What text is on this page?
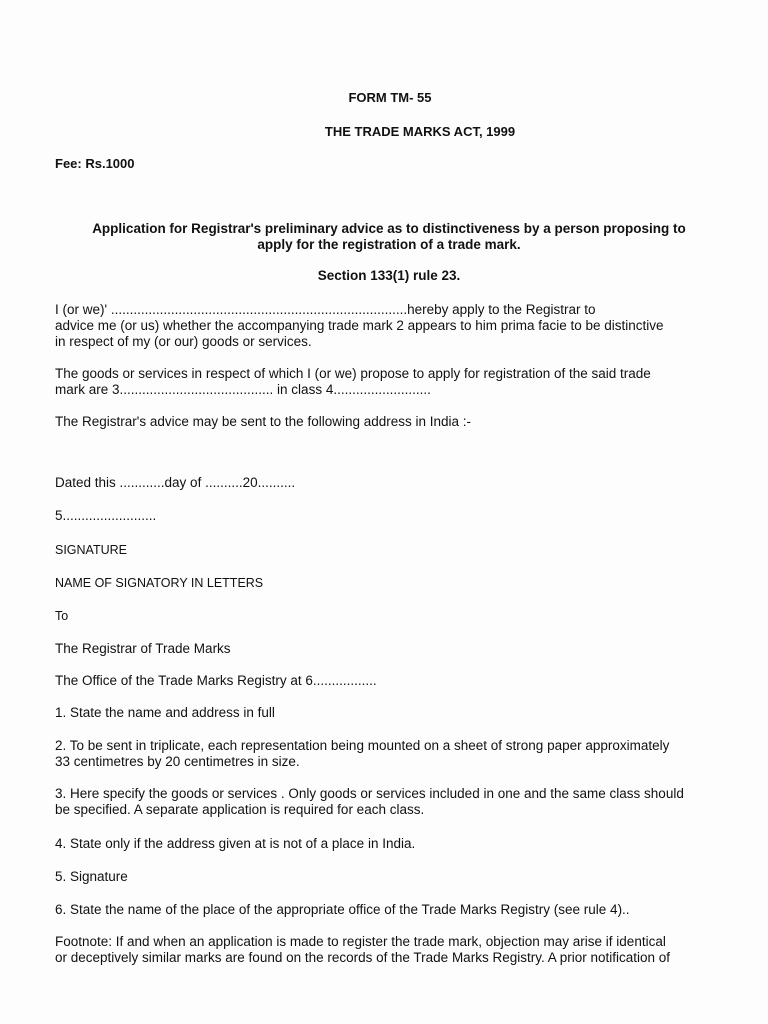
FORM TM- 55
THE TRADE MARKS ACT, 1999
Fee: Rs.1000
Application for Registrar's preliminary advice as to distinctiveness by a person proposing to
apply for the registration of a trade mark.
Section 133(1) rule 23.

I (or we)' ...............................................................................hereby apply to the Registrar to
advice me (or us) whether the accompanying trade mark 2 appears to him prima facie to be distinctive
in respect of my (or our) goods or services.

The goods or services in respect of which I (or we) propose to apply for registration of the said trade
mark are 3......................................... in class 4..........................

The Registrar's advice may be sent to the following address in India :-

Dated this ............day of ..........20..........

5.........................

SIGNATURE

NAME OF SIGNATORY IN LETTERS

To

The Registrar of Trade Marks

The Office of the Trade Marks Registry at 6.................

1. State the name and address in full

2. To be sent in triplicate, each representation being mounted on a sheet of strong paper approximately
33 centimetres by 20 centimetres in size.

3. Here specify the goods or services . Only goods or services included in one and the same class should
be specified. A separate application is required for each class.

4. State only if the address given at is not of a place in India.

5. Signature

6. State the name of the place of the appropriate office of the Trade Marks Registry (see rule 4)..

Footnote: If and when an application is made to register the trade mark, objection may arise if identical
or deceptively similar marks are found on the records of the Trade Marks Registry. A prior notification of
